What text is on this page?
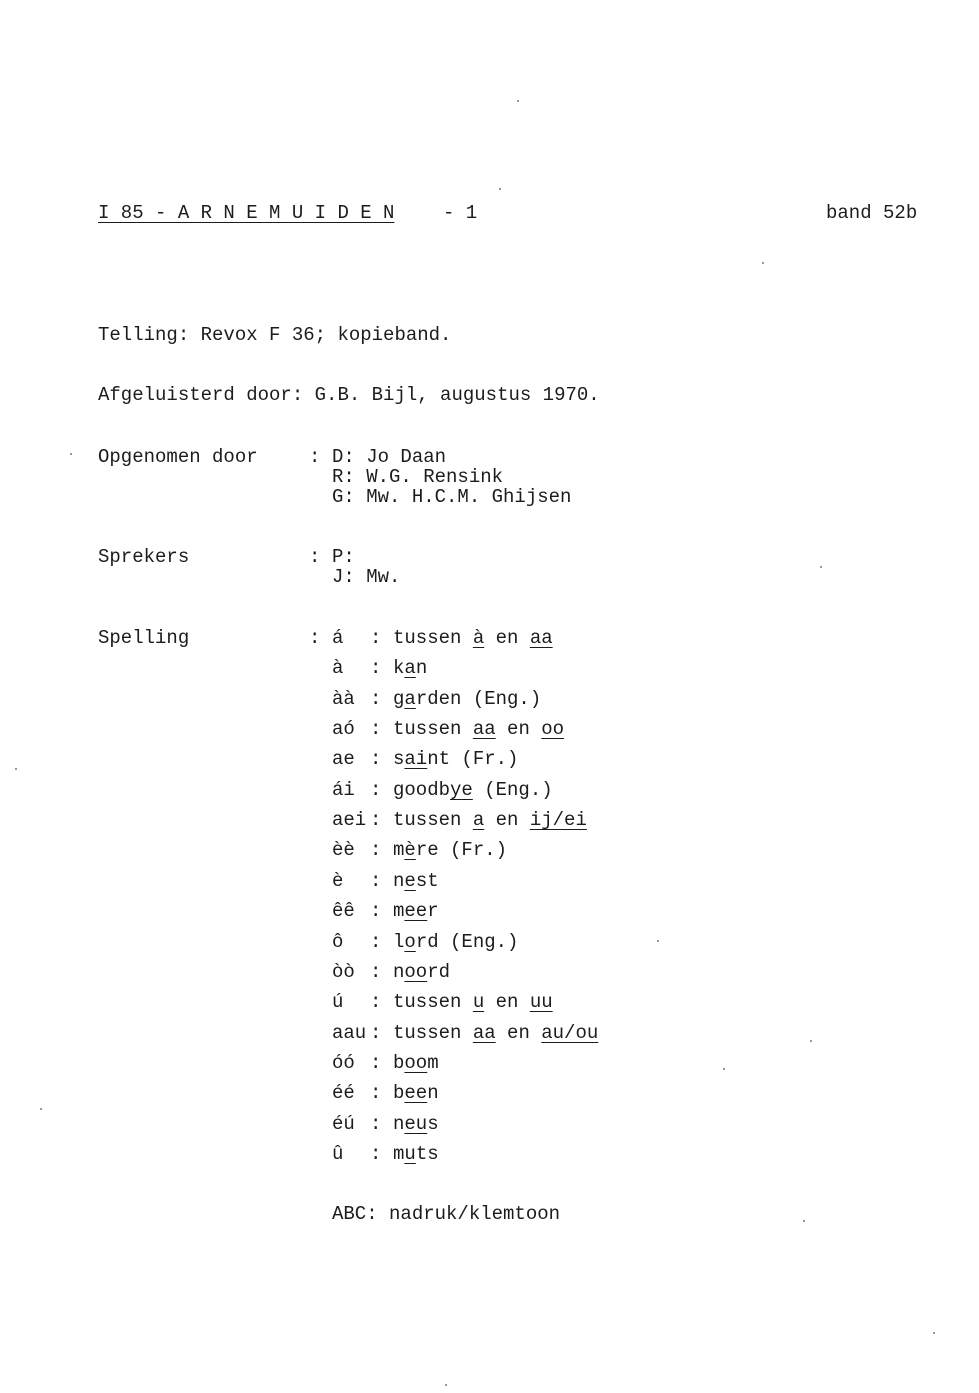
I 85 - A R N E M U I D E N	- 1	band 52b
Telling: Revox F 36; kopieband.
Afgeluisterd door: G.B. Bijl, augustus 1970.
Opgenomen door	: D: Jo Daan
R: W.G. Rensink
G: Mw. H.C.M. Ghijsen
Sprekers	: P:
J: Mw.
Spelling	: á : tussen à en aa
à : kan
àà : garden (Eng.)
aó : tussen aa en oo
ae : saint (Fr.)
ái : goodbye (Eng.)
aei : tussen a en ij/ei
èè : mère (Fr.)
è : nest
êê : meer
ô : lord (Eng.)
òò : noord
ú : tussen u en uu
aau : tussen aa en au/ou
óó : boom
éé : been
éú : neus
û : muts
ABC: nadruk/klemtoon
